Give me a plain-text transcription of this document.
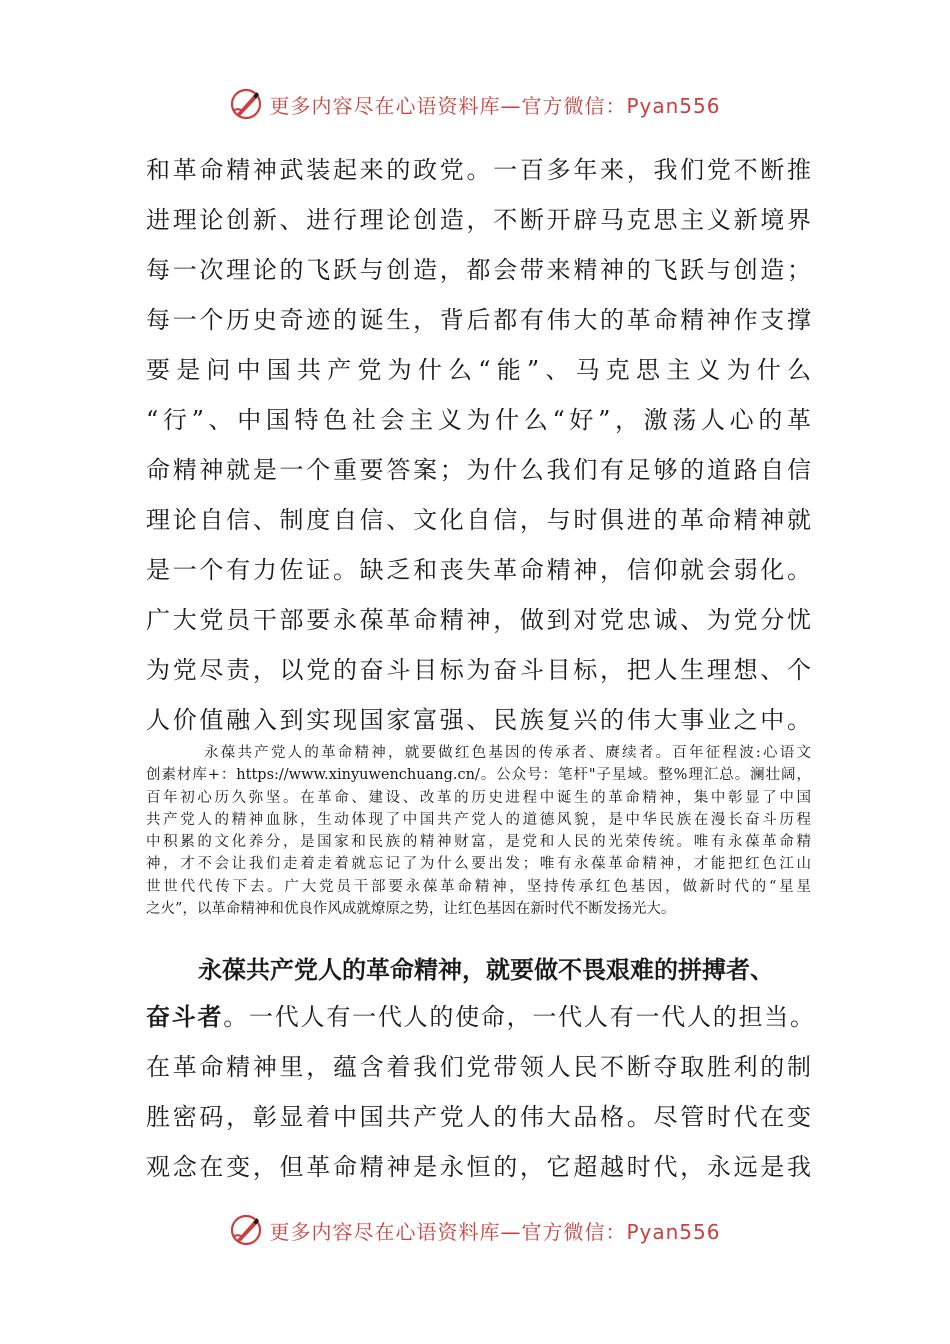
更多内容尽在心语资料库—官方微信：Pyan556
和革命精神武装起来的政党。一百多年来，我们党不断推
进理论创新、进行理论创造，不断开辟马克思主义新境界
每一次理论的飞跃与创造，都会带来精神的飞跃与创造；
每一个历史奇迹的诞生，背后都有伟大的革命精神作支撑
要是问中国共产党为什么“能”、马克思主义为什么
“行”、中国特色社会主义为什么“好”，激荡人心的革
命精神就是一个重要答案；为什么我们有足够的道路自信
理论自信、制度自信、文化自信，与时俱进的革命精神就
是一个有力佐证。缺乏和丧失革命精神，信仰就会弱化。
广大党员干部要永葆革命精神，做到对党忠诚、为党分忧
为党尽责，以党的奋斗目标为奋斗目标，把人生理想、个
人价值融入到实现国家富强、民族复兴的伟大事业之中。
永葆共产党人的革命精神，就要做红色基因的传承者、赓续者。百年征程波:心语文
创素材库+：https://www.xinyuwenchuang.cn/。公众号：笔杆"子星域。整%理汇总。澜壮阔，
百年初心历久弥坚。在革命、建设、改革的历史进程中诞生的革命精神，集中彰显了中国
共产党人的精神血脉，生动体现了中国共产党人的道德风貌，是中华民族在漫长奋斗历程
中积累的文化养分，是国家和民族的精神财富，是党和人民的光荣传统。唯有永葆革命精
神，才不会让我们走着走着就忘记了为什么要出发；唯有永葆革命精神，才能把红色江山
世世代代传下去。广大党员干部要永葆革命精神，坚持传承红色基因，做新时代的“星星
之火”，以革命精神和优良作风成就燎原之势，让红色基因在新时代不断发扬光大。
永葆共产党人的革命精神，就要做不畏艰难的拼搏者、
奋斗者。一代人有一代人的使命，一代人有一代人的担当。
在革命精神里，蕴含着我们党带领人民不断夺取胜利的制
胜密码，彰显着中国共产党人的伟大品格。尽管时代在变
观念在变，但革命精神是永恒的，它超越时代，永远是我
更多内容尽在心语资料库—官方微信：Pyan556
